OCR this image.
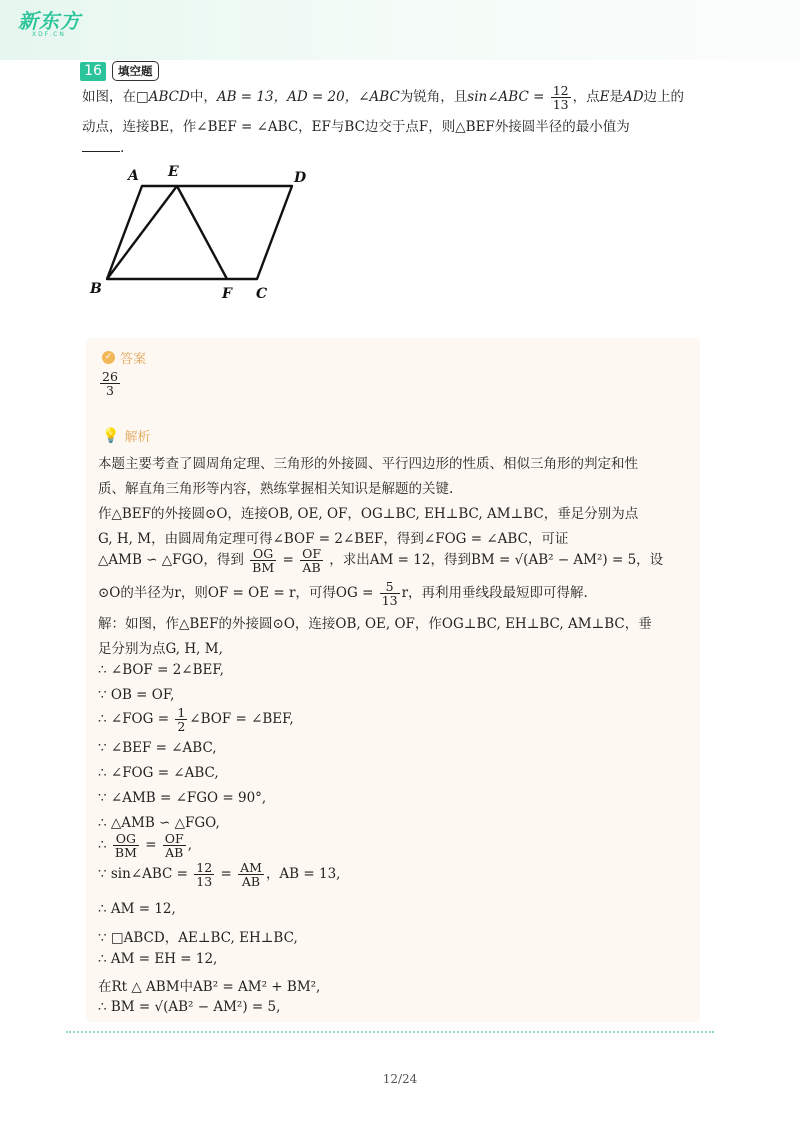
新东方
XDF.CN
16	填空题
如图，在□ABCD中，AB = 13，AD = 20，∠ABC为锐角，且sin∠ABC = $\frac{12}{13}$ ，点E是AD边上的
动点，连接BE，作∠BEF = ∠ABC，EF与BC边交于点F，则△BEF外接圆半径的最小值为
.
A E	D
B	F C
✓ 答案
$\frac{26}{3}$
💡 解析
本题主要考查了圆周角定理、三角形的外接圆、平行四边形的性质、相似三角形的判定和性
质、解直角三角形等内容，熟练掌握相关知识是解题的关键.
作△BEF的外接圆⊙O，连接OB, OE, OF，OG⊥BC, EH⊥BC, AM⊥BC，垂足分别为点
G, H, M，由圆周角定理可得∠BOF = 2∠BEF，得到∠FOG = ∠ABC，可证
△AMB ∽ △FGO，得到 $\frac{OG}{BM} = \frac{OF}{AB}$ ，求出AM = 12，得到BM = √(AB² − AM²) = 5，设
⊙O的半径为r，则OF = OE = r，可得OG = $\frac{5}{13}$ r，再利用垂线段最短即可得解.
解：如图，作△BEF的外接圆⊙O，连接OB, OE, OF，作OG⊥BC, EH⊥BC, AM⊥BC，垂
足分别为点G, H, M,
∴ ∠BOF = 2∠BEF,
∵ OB = OF,
∴ ∠FOG = $\frac{1}{2}$ ∠BOF = ∠BEF,
∵ ∠BEF = ∠ABC,
∴ ∠FOG = ∠ABC,
∵ ∠AMB = ∠FGO = 90°,
∴ △AMB ∽ △FGO,
∴ $\frac{OG}{BM} = \frac{OF}{AB}$ ,
∵ sin∠ABC = $\frac{12}{13} = \frac{AM}{AB}$ ，AB = 13,
∴ AM = 12,
∵ □ABCD，AE⊥BC, EH⊥BC,
∴ AM = EH = 12,
在Rt △ ABM中AB² = AM² + BM²,
∴ BM = √(AB² − AM²) = 5,
12/24
